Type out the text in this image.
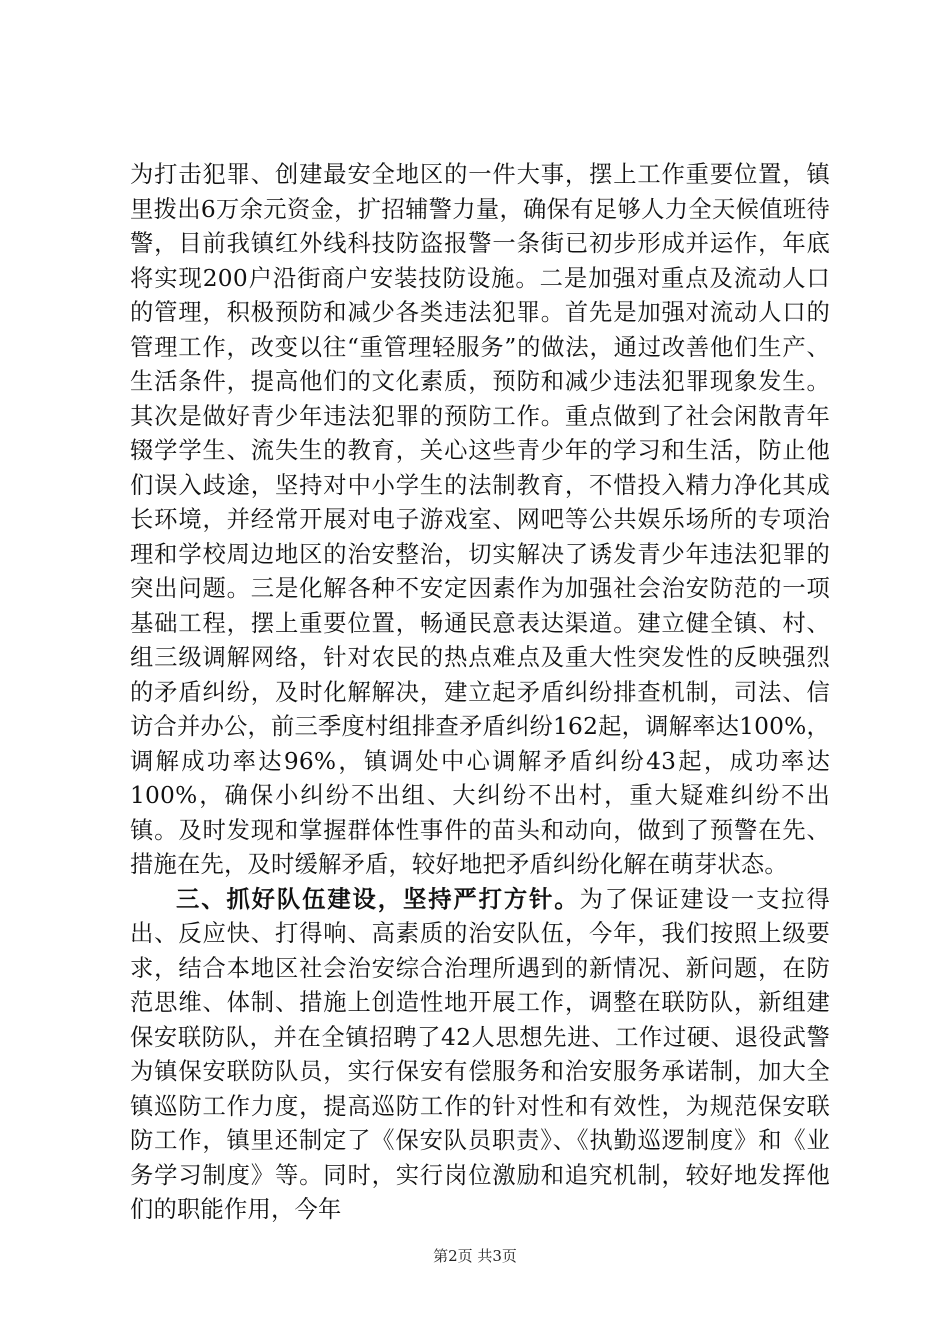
为打击犯罪、创建最安全地区的一件大事，摆上工作重要位置，镇里拨出6万余元资金，扩招辅警力量，确保有足够人力全天候值班待警，目前我镇红外线科技防盗报警一条街已初步形成并运作，年底将实现200户沿街商户安装技防设施。二是加强对重点及流动人口的管理，积极预防和减少各类违法犯罪。首先是加强对流动人口的管理工作，改变以往“重管理轻服务”的做法，通过改善他们生产、生活条件，提高他们的文化素质，预防和减少违法犯罪现象发生。其次是做好青少年违法犯罪的预防工作。重点做到了社会闲散青年辍学学生、流失生的教育，关心这些青少年的学习和生活，防止他们误入歧途，坚持对中小学生的法制教育，不惜投入精力净化其成长环境，并经常开展对电子游戏室、网吧等公共娱乐场所的专项治理和学校周边地区的治安整治，切实解决了诱发青少年违法犯罪的突出问题。三是化解各种不安定因素作为加强社会治安防范的一项基础工程，摆上重要位置，畅通民意表达渠道。建立健全镇、村、组三级调解网络，针对农民的热点难点及重大性突发性的反映强烈的矛盾纠纷，及时化解解决，建立起矛盾纠纷排查机制，司法、信访合并办公，前三季度村组排查矛盾纠纷162起，调解率达100%，调解成功率达96%，镇调处中心调解矛盾纠纷43起，成功率达100%，确保小纠纷不出组、大纠纷不出村，重大疑难纠纷不出镇。及时发现和掌握群体性事件的苗头和动向，做到了预警在先、措施在先，及时缓解矛盾，较好地把矛盾纠纷化解在萌芽状态。

三、抓好队伍建设，坚持严打方针。为了保证建设一支拉得出、反应快、打得响、高素质的治安队伍，今年，我们按照上级要求，结合本地区社会治安综合治理所遇到的新情况、新问题，在防范思维、体制、措施上创造性地开展工作，调整在联防队，新组建保安联防队，并在全镇招聘了42人思想先进、工作过硬、退役武警为镇保安联防队员，实行保安有偿服务和治安服务承诺制，加大全镇巡防工作力度，提高巡防工作的针对性和有效性，为规范保安联防工作，镇里还制定了《保安队员职责》、《执勤巡逻制度》和《业务学习制度》等。同时，实行岗位激励和追究机制，较好地发挥他们的职能作用，今年

第2页 共3页
